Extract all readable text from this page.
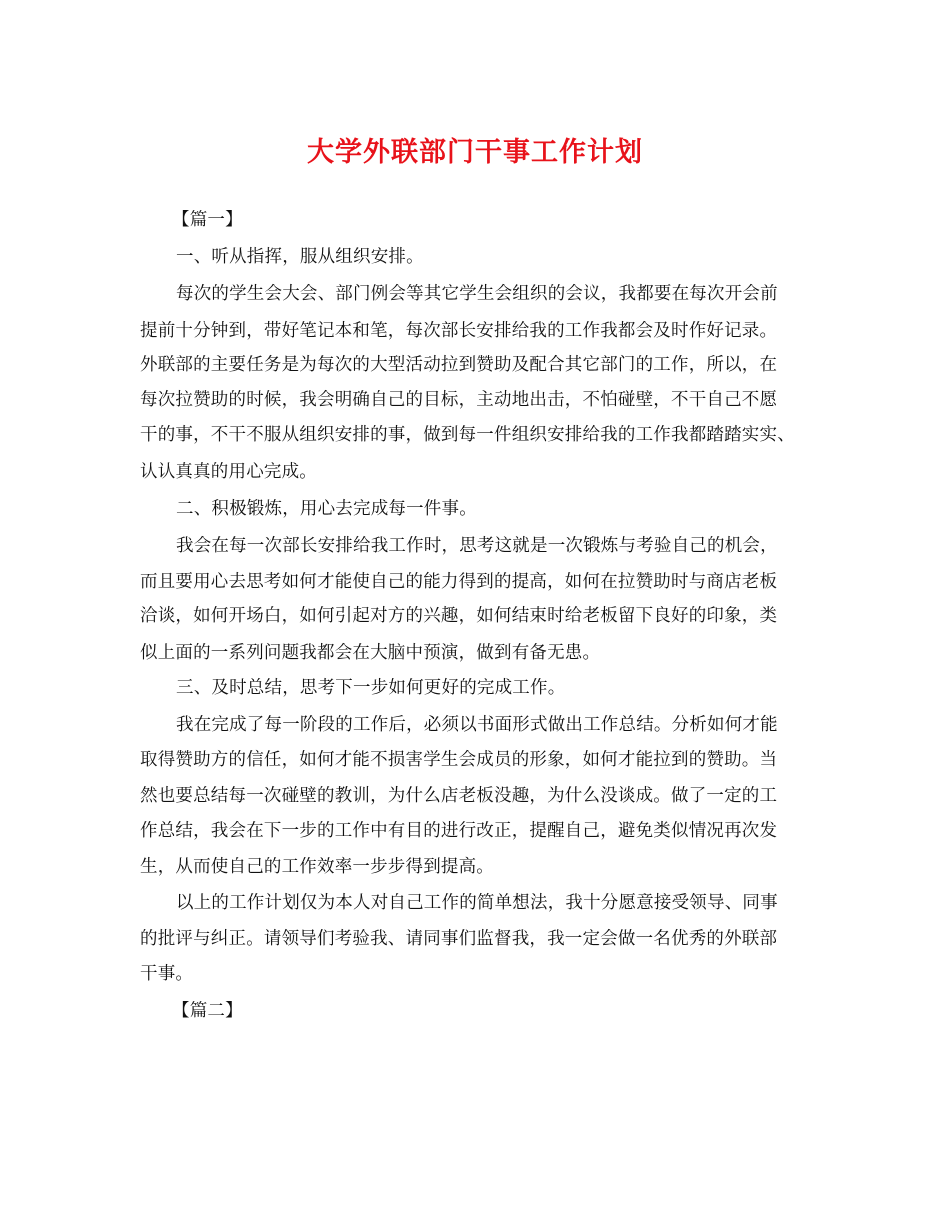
大学外联部门干事工作计划
【篇一】
一、听从指挥，服从组织安排。
每次的学生会大会、部门例会等其它学生会组织的会议，我都要在每次开会前
提前十分钟到，带好笔记本和笔，每次部长安排给我的工作我都会及时作好记录。
外联部的主要任务是为每次的大型活动拉到赞助及配合其它部门的工作，所以，在
每次拉赞助的时候，我会明确自己的目标，主动地出击，不怕碰壁，不干自己不愿
干的事，不干不服从组织安排的事，做到每一件组织安排给我的工作我都踏踏实实、
认认真真的用心完成。
二、积极锻炼，用心去完成每一件事。
我会在每一次部长安排给我工作时，思考这就是一次锻炼与考验自己的机会，
而且要用心去思考如何才能使自己的能力得到的提高，如何在拉赞助时与商店老板
洽谈，如何开场白，如何引起对方的兴趣，如何结束时给老板留下良好的印象，类
似上面的一系列问题我都会在大脑中预演，做到有备无患。
三、及时总结，思考下一步如何更好的完成工作。
我在完成了每一阶段的工作后，必须以书面形式做出工作总结。分析如何才能
取得赞助方的信任，如何才能不损害学生会成员的形象，如何才能拉到的赞助。当
然也要总结每一次碰壁的教训，为什么店老板没趣，为什么没谈成。做了一定的工
作总结，我会在下一步的工作中有目的进行改正，提醒自己，避免类似情况再次发
生，从而使自己的工作效率一步步得到提高。
以上的工作计划仅为本人对自己工作的简单想法，我十分愿意接受领导、同事
的批评与纠正。请领导们考验我、请同事们监督我，我一定会做一名优秀的外联部
干事。
【篇二】
